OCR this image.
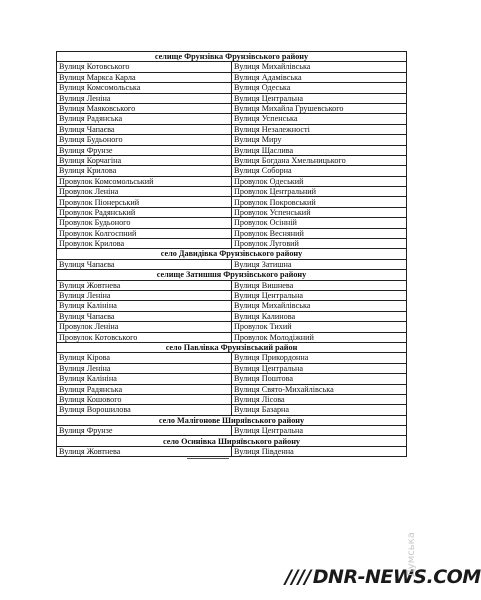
селище Фрунзівка Фрунзівського району	
Вулиця Котовського	Вулиця Михайлівська
Вулиця Маркса Карла	Вулиця Адамівська
Вулиця Комсомольська	Вулиця Одеська
Вулиця Леніна	Вулиця Центральна
Вулиця Маяковського	Вулиця Михайла Грушевського
Вулиця Радянська	Вулиця Успенська
Вулиця Чапаєва	Вулиця Незалежності
Вулиця Будьоного	Вулиця Миру
Вулиця Фрунзе	Вулиця Щаслива
Вулиця Корчагіна	Вулиця Богдана Хмельницького
Вулиця Крилова	Вулиця Соборна
Провулок Комсомольський	Провулок Одеський
Провулок Леніна	Провулок Центральний
Провулок Піонерський	Провулок Покровський
Провулок Радянський	Провулок Успенський
Провулок Будьоного	Провулок Осінній
Провулок Колгоспний	Провулок Весняний
Провулок Крилова	Провулок Луговий
село Давидівка Фрунзівського району	
Вулиця Чапаєва	Вулиця Затишна
селище Затишшя Фрунзівського району	
Вулиця Жовтнева	Вулиця Вишнева
Вулиця Леніна	Вулиця Центральна
Вулиця Калініна	Вулиця Михайлівська
Вулиця Чапаєва	Вулиця Калинова
Провулок Леніна	Провулок Тихий
Провулок Котовського	Провулок Молодіжний
село Павлівка Фрунзівський район	
Вулиця Кірова	Вулиця Прикордонна
Вулиця Леніна	Вулиця Центральна
Вулиця Калініна	Вулиця Поштова
Вулиця Радянська	Вулиця Свято-Михайлівська
Вулиця Кошового	Вулиця Лісова
Вулиця Ворошилова	Вулиця Базарна
село Малігонове Ширяївського району	
Вулиця Фрунзе	Вулиця Центральна
село Осинівка Ширяївського району	
Вулиця Жовтнева	Вулиця Південна
//// DNR-NEWS.COM
Думська
